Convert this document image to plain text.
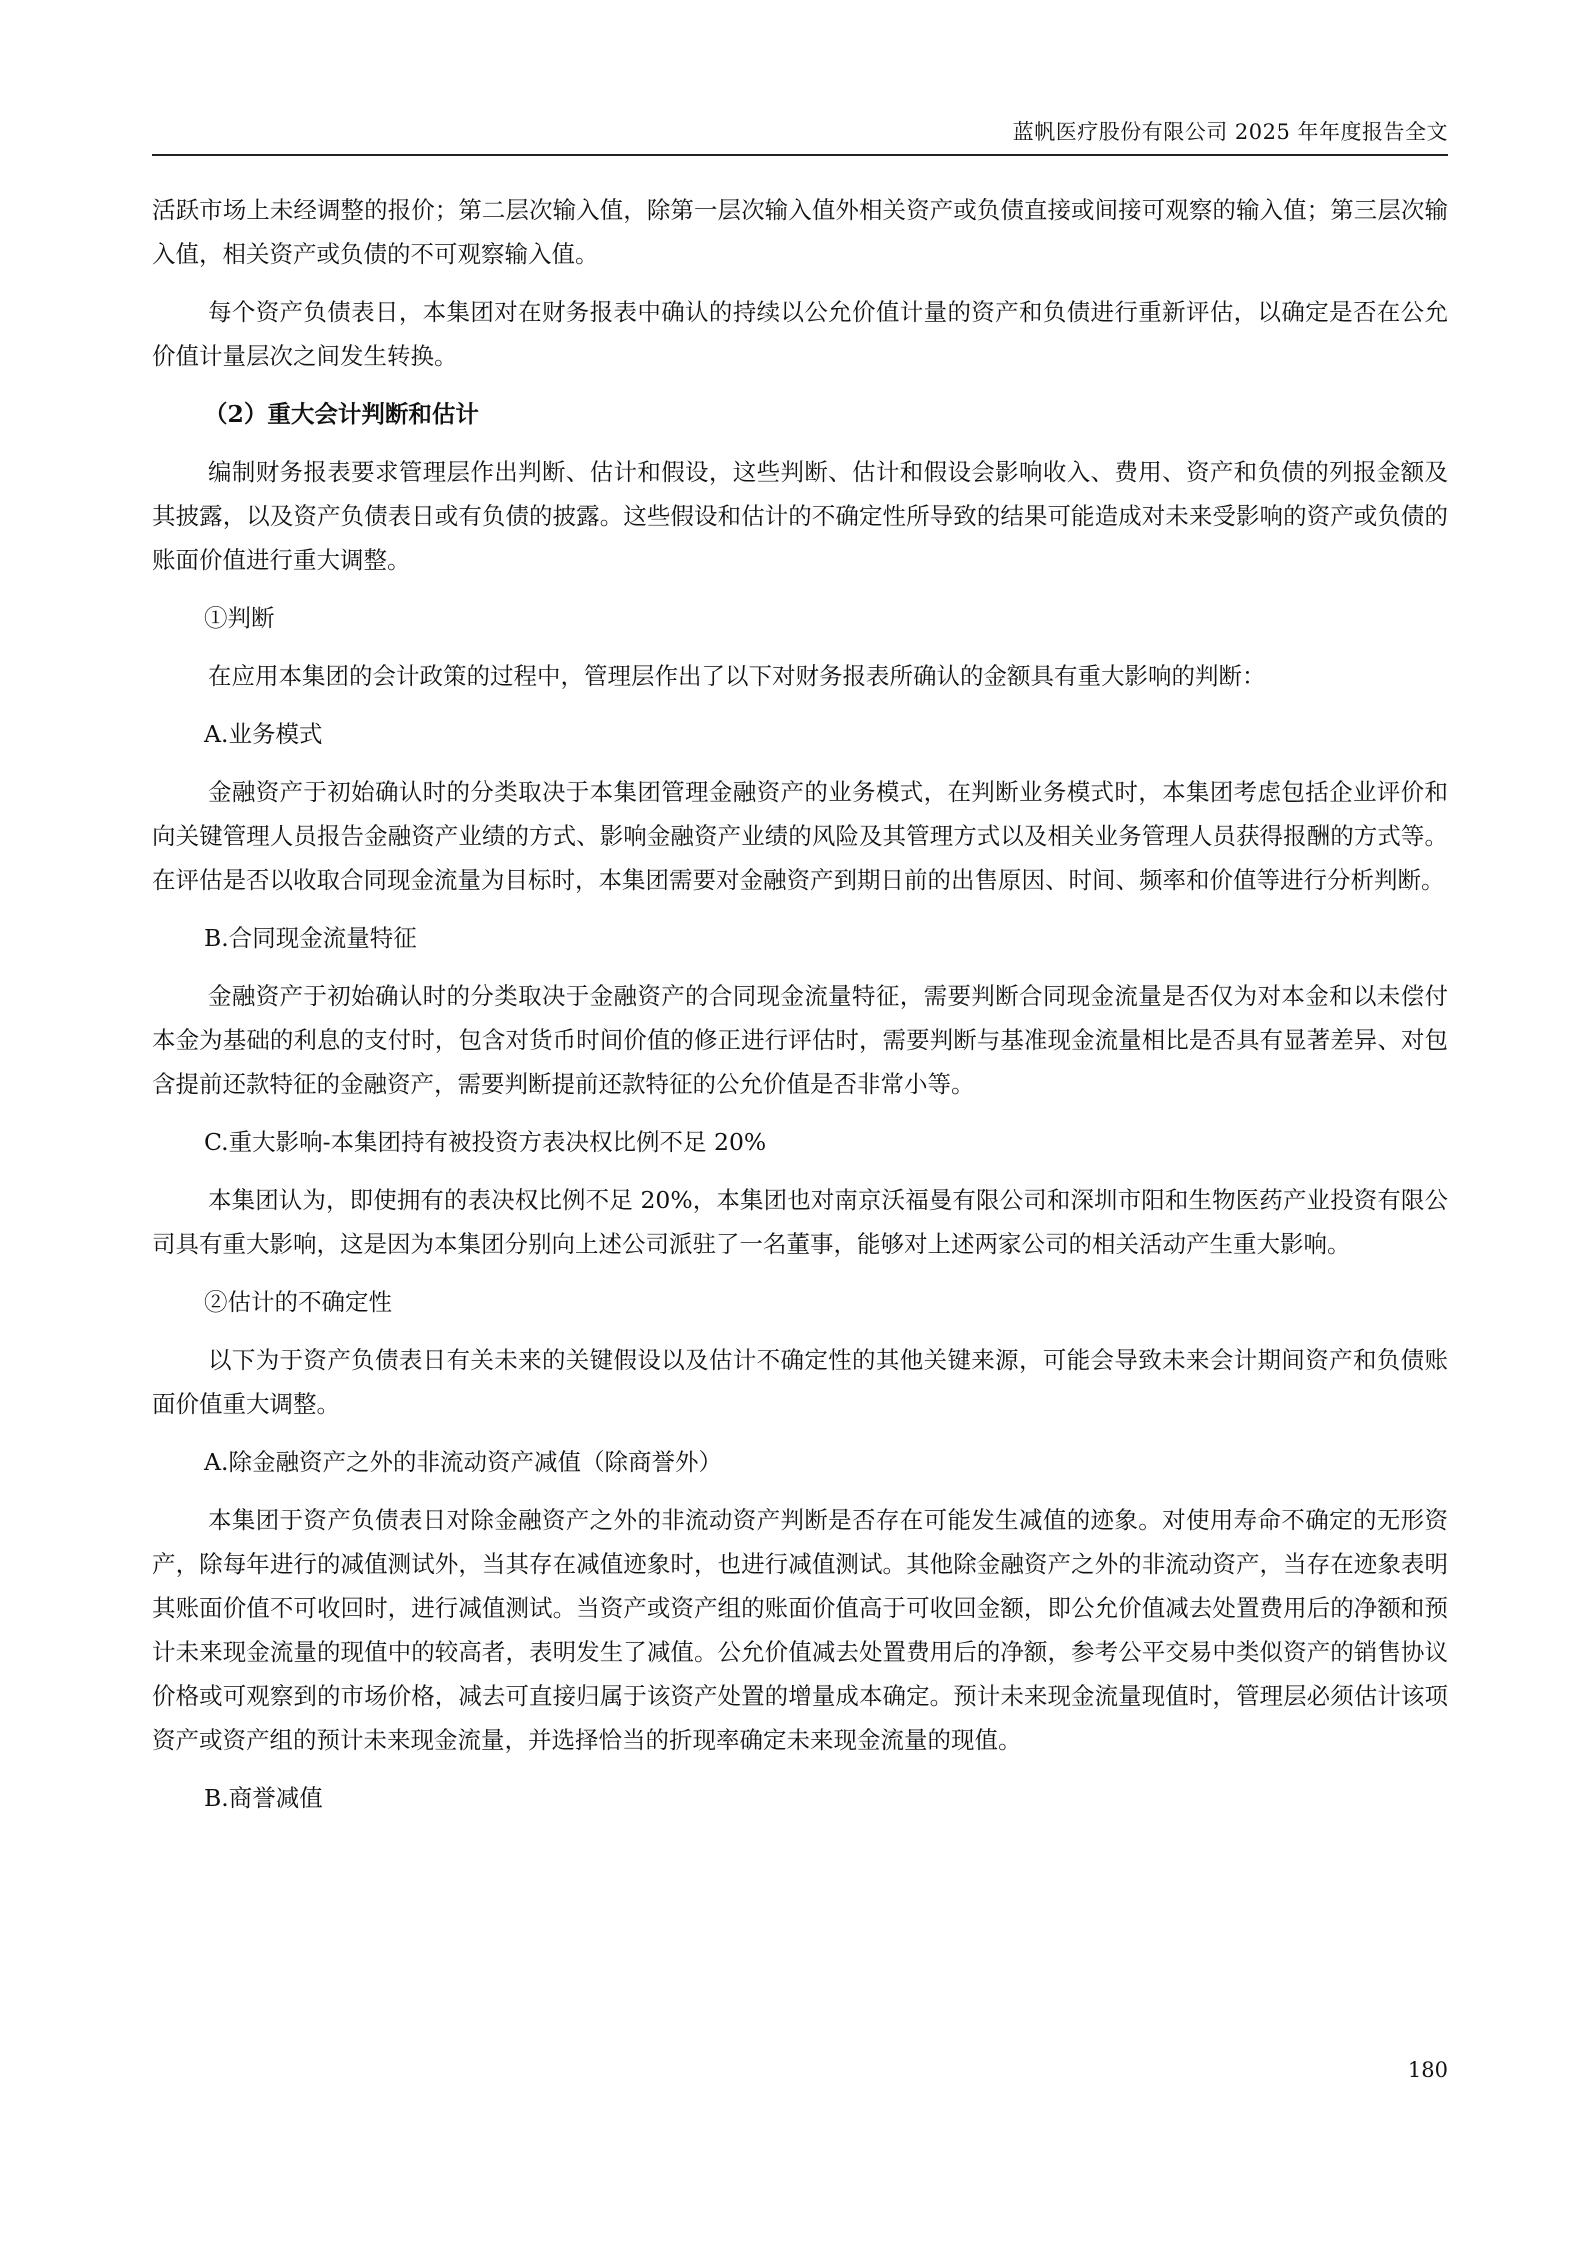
蓝帆医疗股份有限公司 2025 年年度报告全文

活跃市场上未经调整的报价；第二层次输入值，除第一层次输入值外相关资产或负债直接或间接可观察的输入值；第三层次输入值，相关资产或负债的不可观察输入值。

每个资产负债表日，本集团对在财务报表中确认的持续以公允价值计量的资产和负债进行重新评估，以确定是否在公允价值计量层次之间发生转换。

（2）重大会计判断和估计

编制财务报表要求管理层作出判断、估计和假设，这些判断、估计和假设会影响收入、费用、资产和负债的列报金额及其披露，以及资产负债表日或有负债的披露。这些假设和估计的不确定性所导致的结果可能造成对未来受影响的资产或负债的账面价值进行重大调整。

①判断

在应用本集团的会计政策的过程中，管理层作出了以下对财务报表所确认的金额具有重大影响的判断：

A.业务模式

金融资产于初始确认时的分类取决于本集团管理金融资产的业务模式，在判断业务模式时，本集团考虑包括企业评价和向关键管理人员报告金融资产业绩的方式、影响金融资产业绩的风险及其管理方式以及相关业务管理人员获得报酬的方式等。在评估是否以收取合同现金流量为目标时，本集团需要对金融资产到期日前的出售原因、时间、频率和价值等进行分析判断。

B.合同现金流量特征

金融资产于初始确认时的分类取决于金融资产的合同现金流量特征，需要判断合同现金流量是否仅为对本金和以未偿付本金为基础的利息的支付时，包含对货币时间价值的修正进行评估时，需要判断与基准现金流量相比是否具有显著差异、对包含提前还款特征的金融资产，需要判断提前还款特征的公允价值是否非常小等。

C.重大影响-本集团持有被投资方表决权比例不足 20%

本集团认为，即使拥有的表决权比例不足 20%，本集团也对南京沃福曼有限公司和深圳市阳和生物医药产业投资有限公司具有重大影响，这是因为本集团分别向上述公司派驻了一名董事，能够对上述两家公司的相关活动产生重大影响。

②估计的不确定性

以下为于资产负债表日有关未来的关键假设以及估计不确定性的其他关键来源，可能会导致未来会计期间资产和负债账面价值重大调整。

A.除金融资产之外的非流动资产减值（除商誉外）

本集团于资产负债表日对除金融资产之外的非流动资产判断是否存在可能发生减值的迹象。对使用寿命不确定的无形资产，除每年进行的减值测试外，当其存在减值迹象时，也进行减值测试。其他除金融资产之外的非流动资产，当存在迹象表明其账面价值不可收回时，进行减值测试。当资产或资产组的账面价值高于可收回金额，即公允价值减去处置费用后的净额和预计未来现金流量的现值中的较高者，表明发生了减值。公允价值减去处置费用后的净额，参考公平交易中类似资产的销售协议价格或可观察到的市场价格，减去可直接归属于该资产处置的增量成本确定。预计未来现金流量现值时，管理层必须估计该项资产或资产组的预计未来现金流量，并选择恰当的折现率确定未来现金流量的现值。

B.商誉减值

180
